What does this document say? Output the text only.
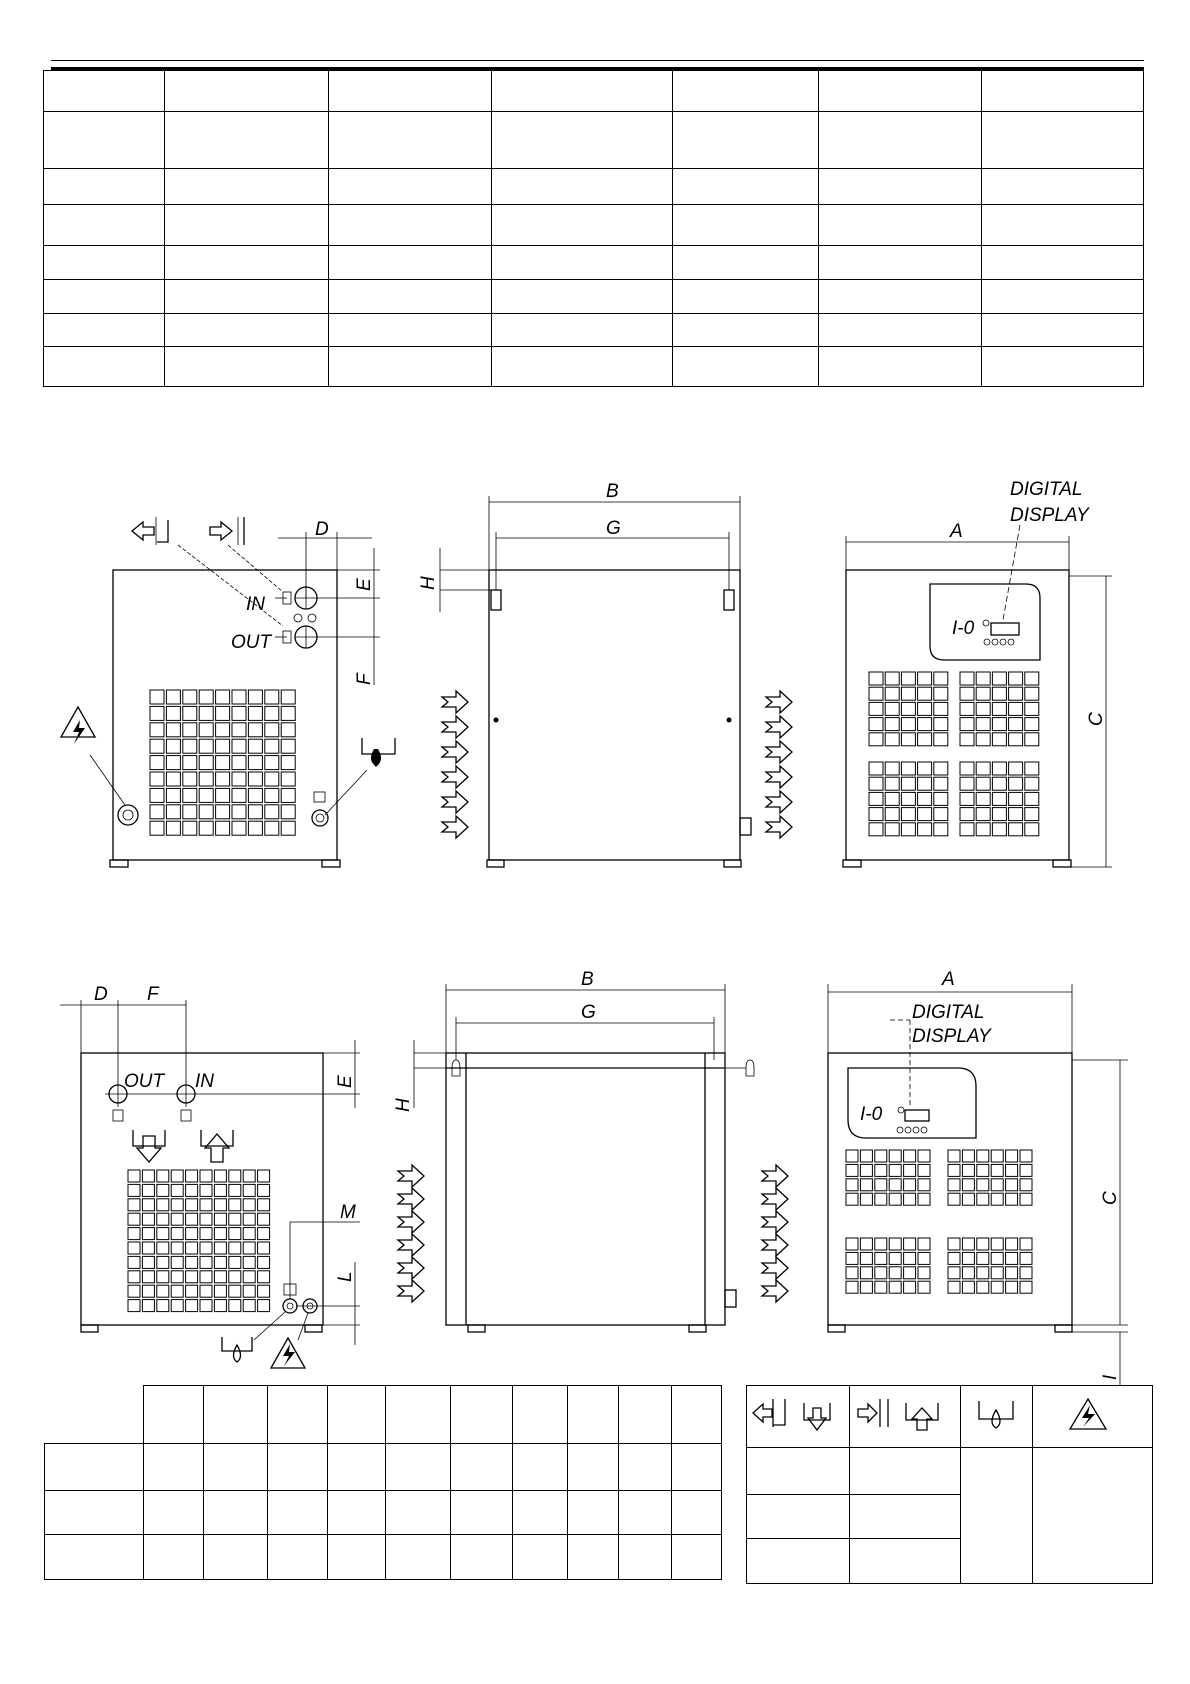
IN
OUT
D
E
F
B
G
H
A
C
DIGITAL
DISPLAY
I-0
D F
OUT IN	E
M
L
B
G
H
A
C
I
DIGITAL
DISPLAY
I-0
